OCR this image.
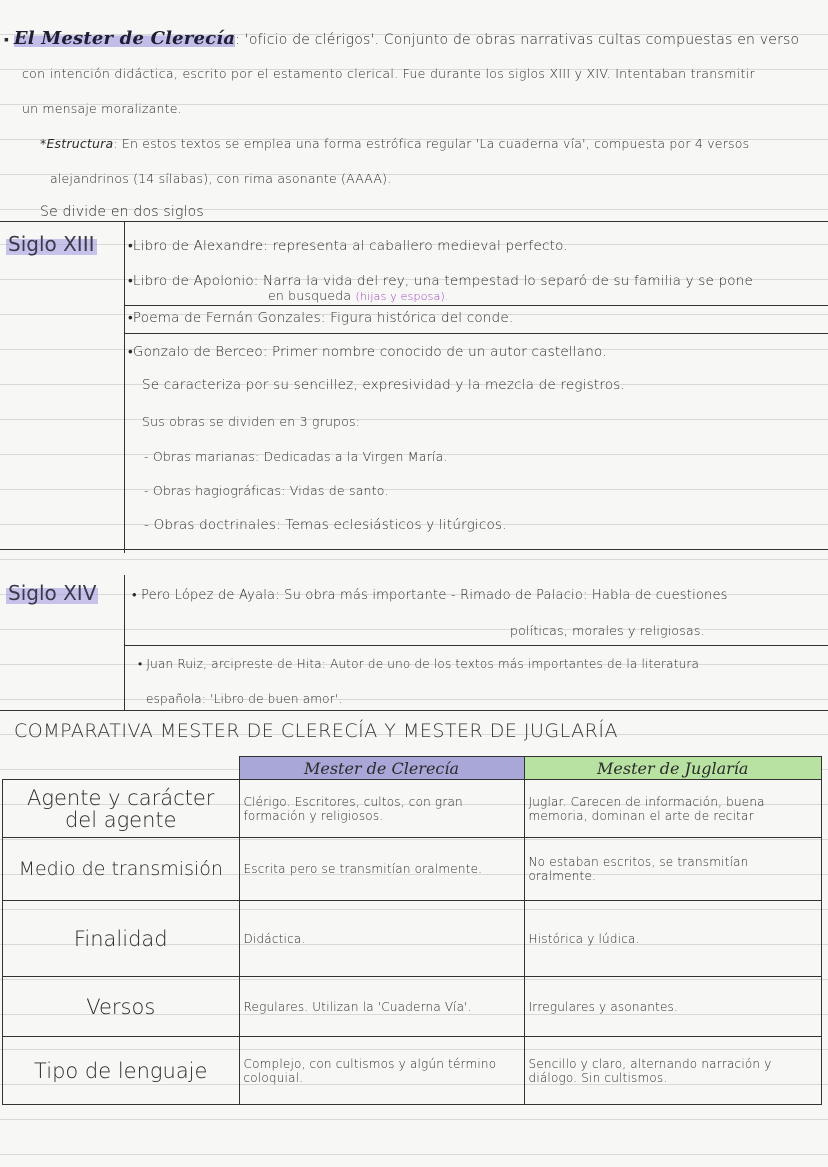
▪ El Mester de Clerecía: 'oficio de clérigos'. Conjunto de obras narrativas cultas compuestas en verso
con intención didáctica, escrito por el estamento clerical. Fue durante los siglos XIII y XIV. Intentaban transmitir
un mensaje moralizante.
*Estructura: En estos textos se emplea una forma estrófica regular 'La cuaderna vía', compuesta por 4 versos
alejandrinos (14 sílabas), con rima asonante (AAAA).
Se divide en dos siglos
Siglo XIII •Libro de Alexandre: representa al caballero medieval perfecto.
•Libro de Apolonio: Narra la vida del rey, una tempestad lo separó de su familia y se pone
en busqueda (hijas y esposa).
•Poema de Fernán Gonzales: Figura histórica del conde.
•Gonzalo de Berceo: Primer nombre conocido de un autor castellano.
Se caracteriza por su sencillez, expresividad y la mezcla de registros.
Sus obras se dividen en 3 grupos:
- Obras marianas: Dedicadas a la Virgen María.
- Obras hagiográficas: Vidas de santo.
- Obras doctrinales: Temas eclesiásticos y litúrgicos.
Siglo XIV	• Pero López de Ayala: Su obra más importante - Rimado de Palacio: Habla de cuestiones
políticas, morales y religiosas.
• Juan Ruiz, arcipreste de Hita: Autor de uno de los textos más importantes de la literatura
española: 'Libro de buen amor'.
COMPARATIVA MESTER DE CLERECÍA Y MESTER DE JUGLARÍA
	Mester de Clerecía	Mester de Juglaría
Agente y carácter del agente	Clérigo. Escritores, cultos, con gran formación y religiosos.	Juglar. Carecen de información, buena memoria, dominan el arte de recitar
Medio de transmisión	Escrita pero se transmitían oralmente.	No estaban escritos, se transmitían oralmente.
Finalidad	Didáctica.	Histórica y lúdica.
Versos	Regulares. Utilizan la 'Cuaderna Vía'.	Irregulares y asonantes.
Tipo de lenguaje	Complejo, con cultismos y algún término coloquial.	Sencillo y claro, alternando narración y diálogo. Sin cultismos.
